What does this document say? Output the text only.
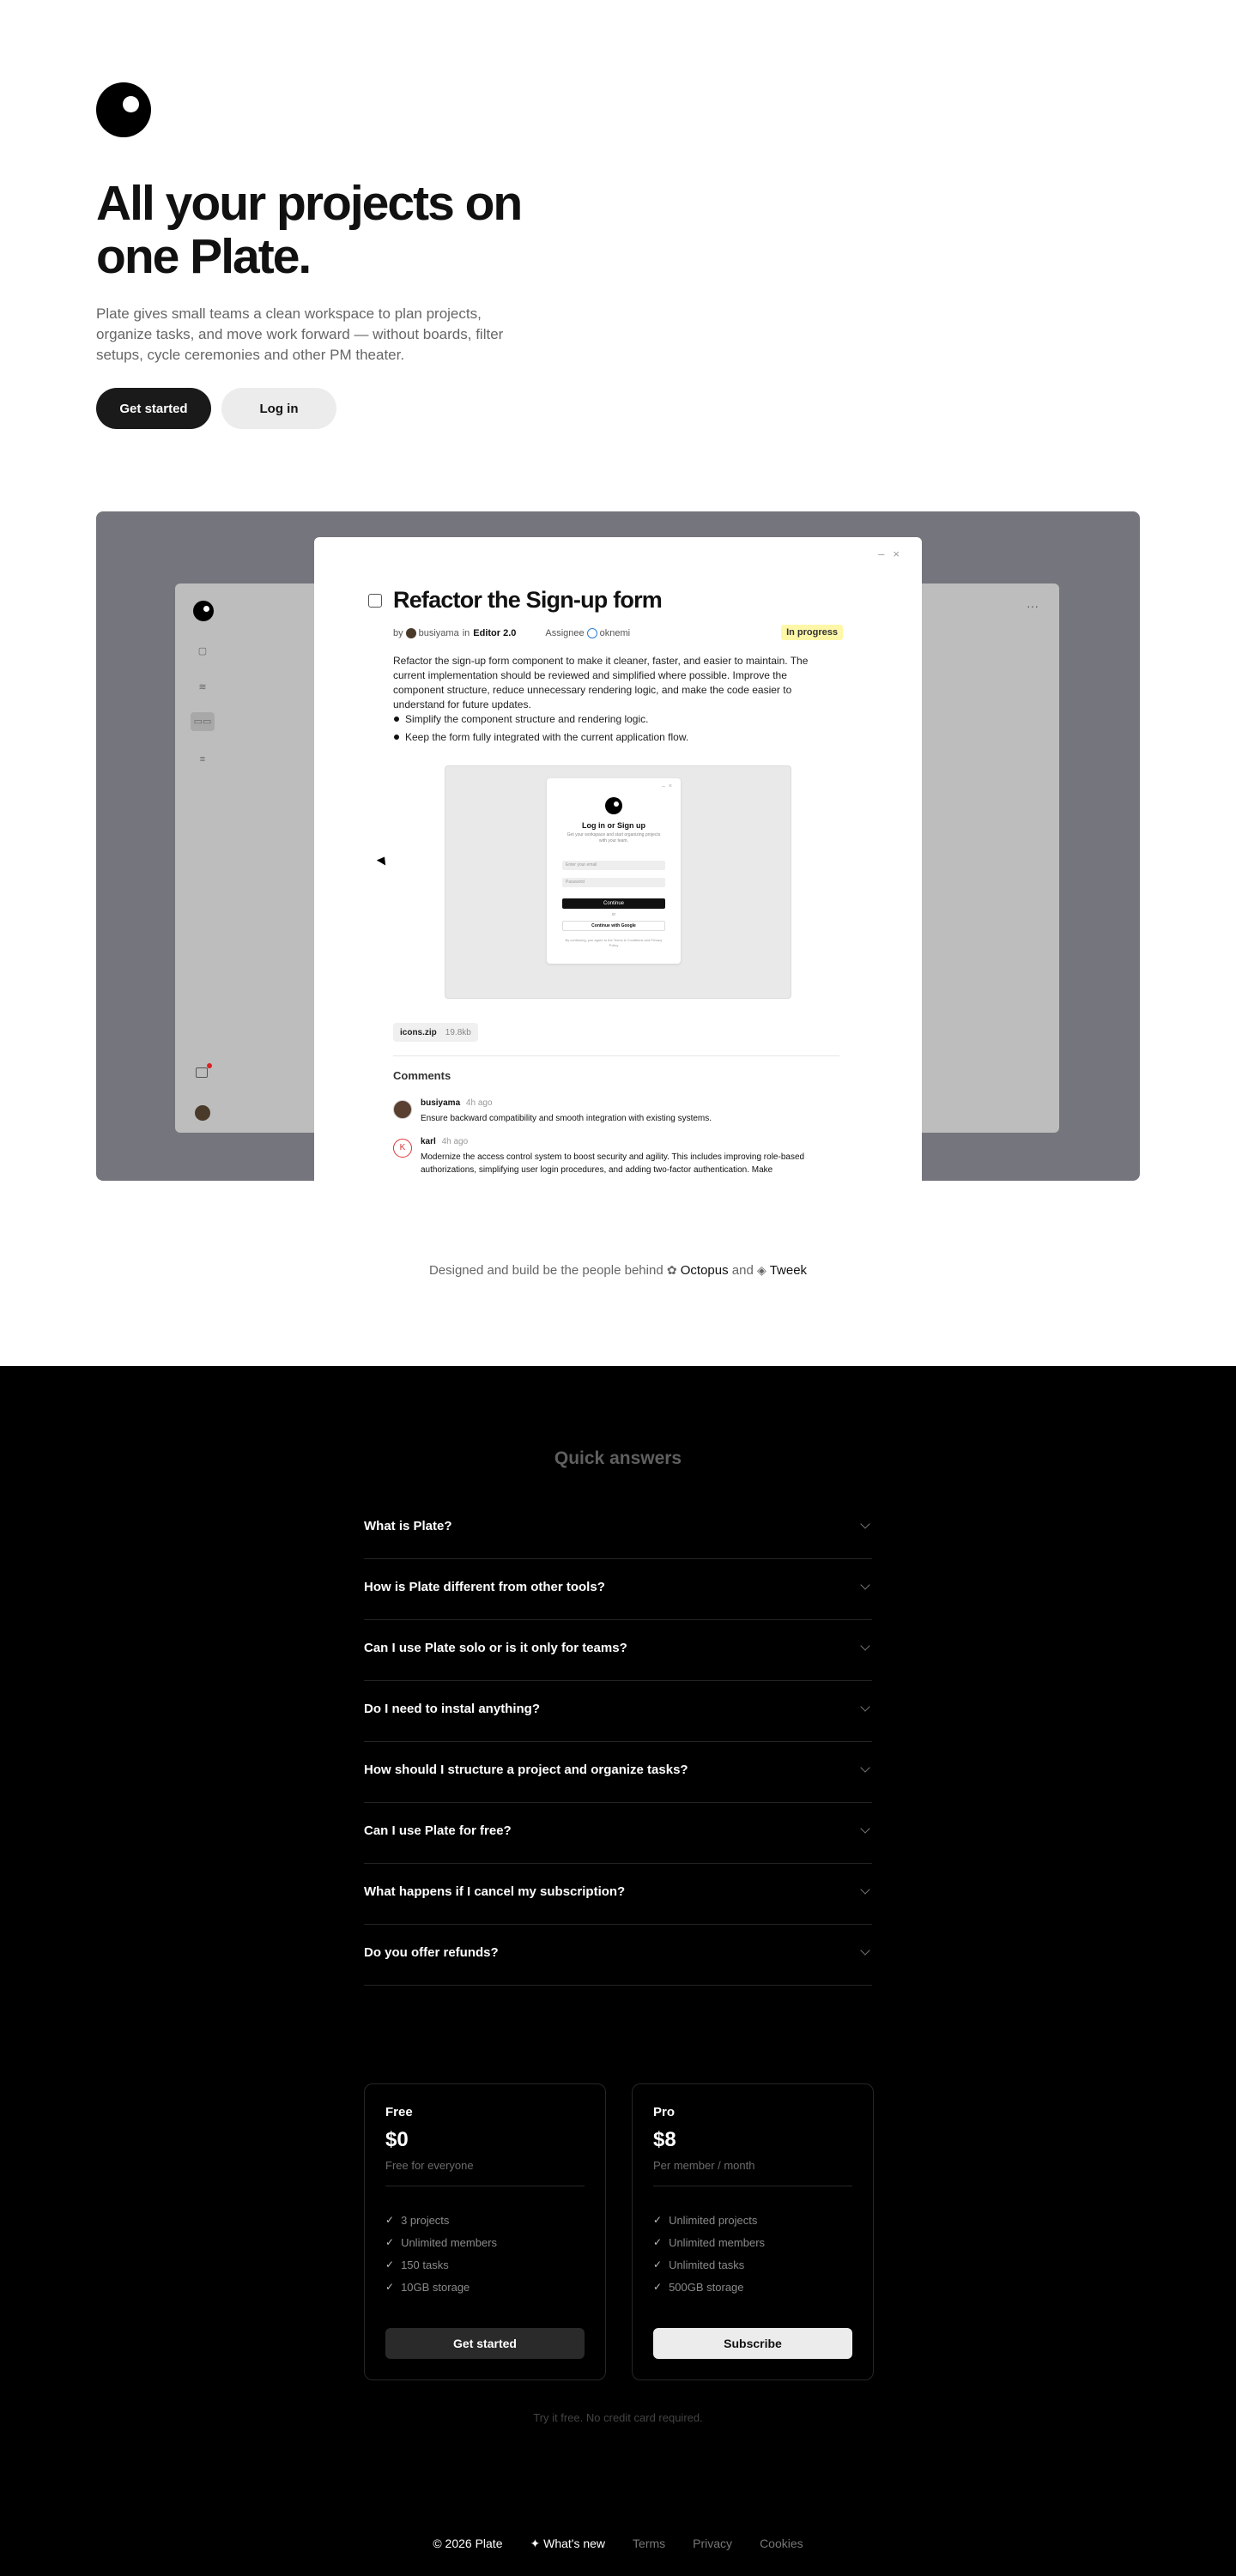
All your projects on one Plate.

Plate gives small teams a clean workspace to plan projects, organize tasks, and move work forward — without boards, filter setups, cycle ceremonies and other PM theater.

Get started	Log in
▢
≋
▭▭
≡
···
–×
Refactor the Sign-up form
by busiyama in Editor 2.0	Assignee oknemi	In progress

Refactor the sign-up form component to make it cleaner, faster, and easier to maintain. The current implementation should be reviewed and simplified where possible. Improve the component structure, reduce unnecessary rendering logic, and make the code easier to understand for future updates.

Simplify the component structure and rendering logic.
Keep the form fully integrated with the current application flow.
–×
Log in or Sign up
Get your workspace and start organizing projects with your team.
Enter your email
Password
Continue
or
Continue with Google
By continuing, you agree to the Terms & Conditions and Privacy Policy
icons.zip 19.8kb
Comments
busiyama 4h ago
Ensure backward compatibility and smooth integration with existing systems.
K
karl 4h ago
Modernize the access control system to boost security and agility. This includes improving role-based authorizations, simplifying user login procedures, and adding two-factor authentication. Make
Designed and build be the people behind ✿ Octopus and ◈ Tweek
Quick answers
What is Plate?
How is Plate different from other tools?
Can I use Plate solo or is it only for teams?
Do I need to instal anything?
How should I structure a project and organize tasks?
Can I use Plate for free?
What happens if I cancel my subscription?
Do you offer refunds?
Free
$0
Free for everyone
✓ 3 projects
✓ Unlimited members
✓ 150 tasks
✓ 10GB storage
Get started
Pro
$8
Per member / month
✓ Unlimited projects
✓ Unlimited members
✓ Unlimited tasks
✓ 500GB storage
Subscribe
Try it free. No credit card required.
© 2026 Plate ✦ What's new Terms Privacy Cookies
